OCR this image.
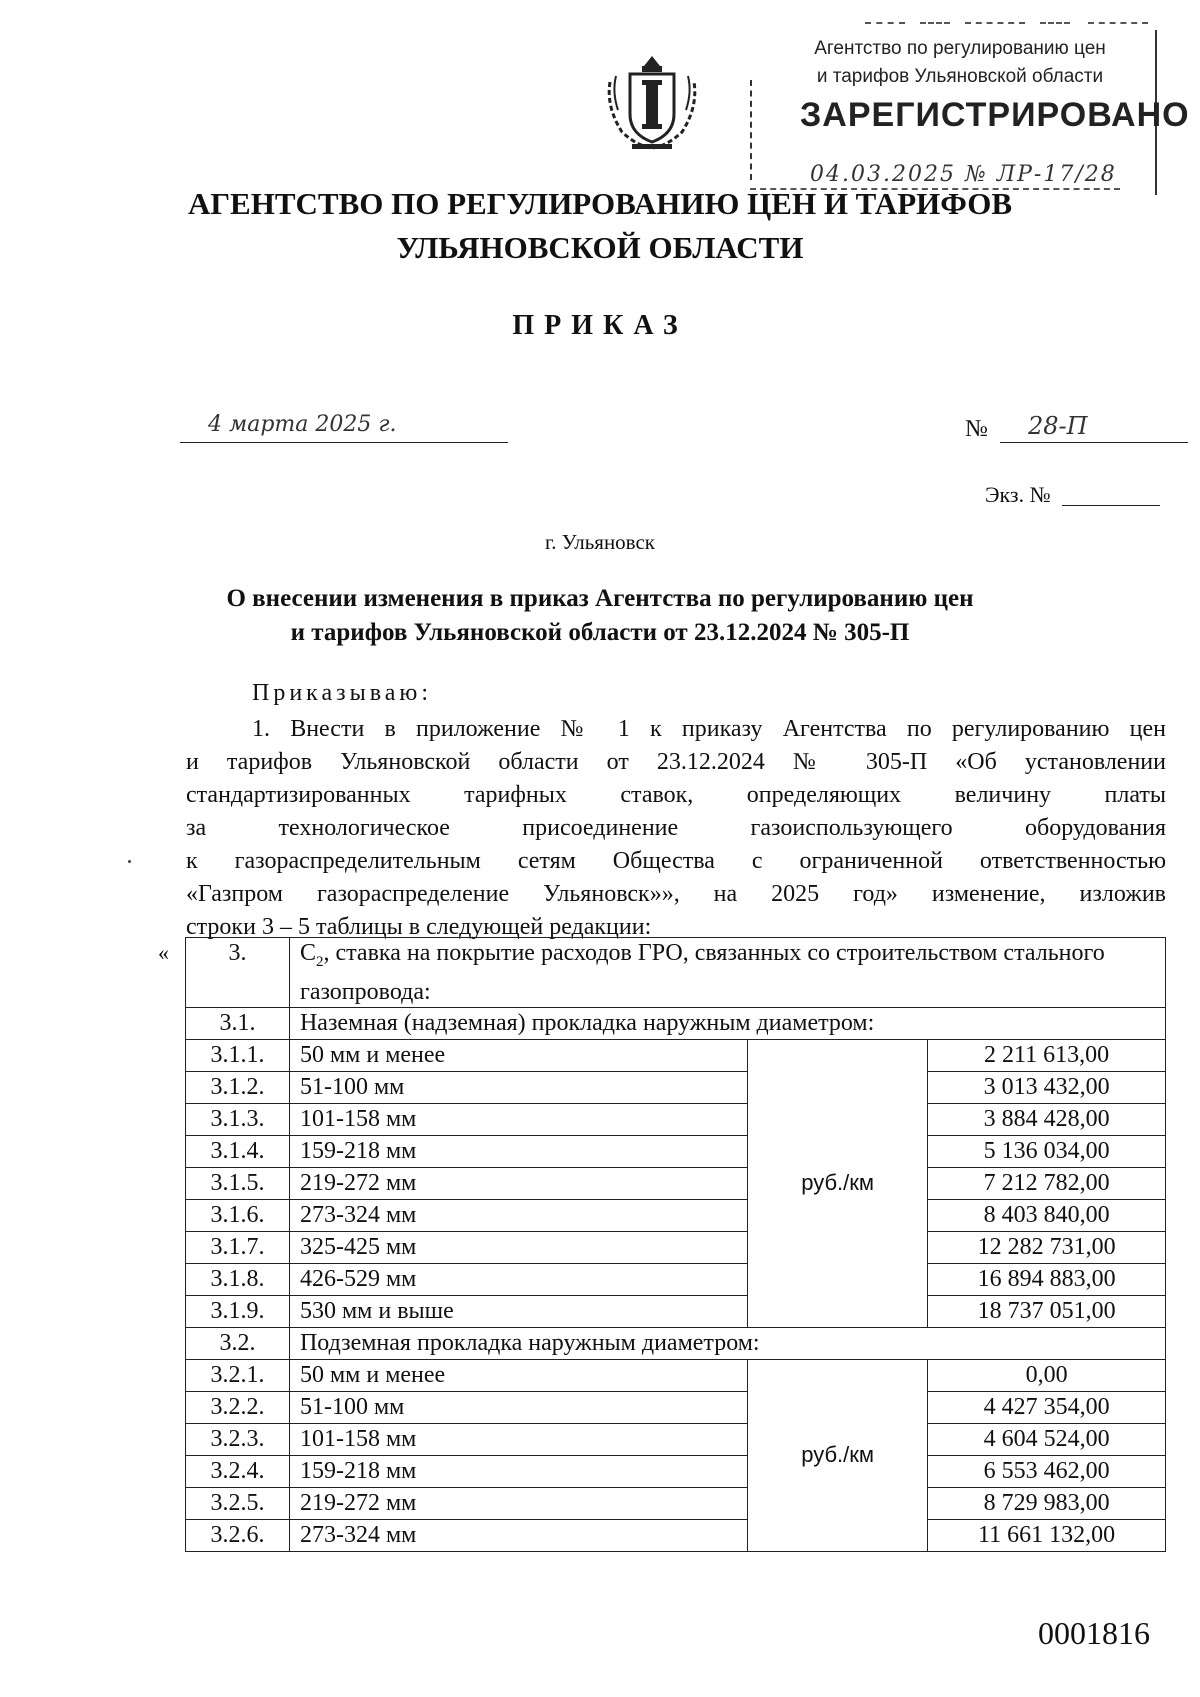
Агентство по регулированию цен
и тарифов Ульяновской области
ЗАРЕГИСТРИРОВАНО
04.03.2025 № ЛР-17/28
АГЕНТСТВО ПО РЕГУЛИРОВАНИЮ ЦЕН И ТАРИФОВ
УЛЬЯНОВСКОЙ ОБЛАСТИ
ПРИКАЗ
4 марта 2025 г.	№	28-П
Экз. №
г. Ульяновск
О внесении изменения в приказ Агентства по регулированию цен
и тарифов Ульяновской области от 23.12.2024 № 305-П
Приказываю:

1. Внести в приложение № 1 к приказу Агентства по регулированию цен

и тарифов Ульяновской области от 23.12.2024 № 305-П «Об установлении

стандартизированных тарифных ставок, определяющих величину платы

за технологическое присоединение газоиспользующего оборудования

к газораспределительным сетям Общества с ограниченной ответственностью

«Газпром газораспределение Ульяновск»», на 2025 год» изменение, изложив

строки 3 – 5 таблицы в следующей редакции:

« 3.	$C_2$, ставка на покрытие расходов ГРО, связанных со строительством стального газопровода:		
3.1.	Наземная (надземная) прокладка наружным диаметром:		
3.1.1.	50 мм и менее	руб./км	2 211 613,00
3.1.2.	51-100 мм		3 013 432,00
3.1.3.	101-158 мм		3 884 428,00
3.1.4.	159-218 мм		5 136 034,00
3.1.5.	219-272 мм		7 212 782,00
3.1.6.	273-324 мм		8 403 840,00
3.1.7.	325-425 мм		12 282 731,00
3.1.8.	426-529 мм		16 894 883,00
3.1.9.	530 мм и выше		18 737 051,00
3.2.	Подземная прокладка наружным диаметром:		
3.2.1.	50 мм и менее	руб./км	0,00
3.2.2.	51-100 мм		4 427 354,00
3.2.3.	101-158 мм		4 604 524,00
3.2.4.	159-218 мм		6 553 462,00
3.2.5.	219-272 мм		8 729 983,00
3.2.6.	273-324 мм		11 661 132,00
0001816
